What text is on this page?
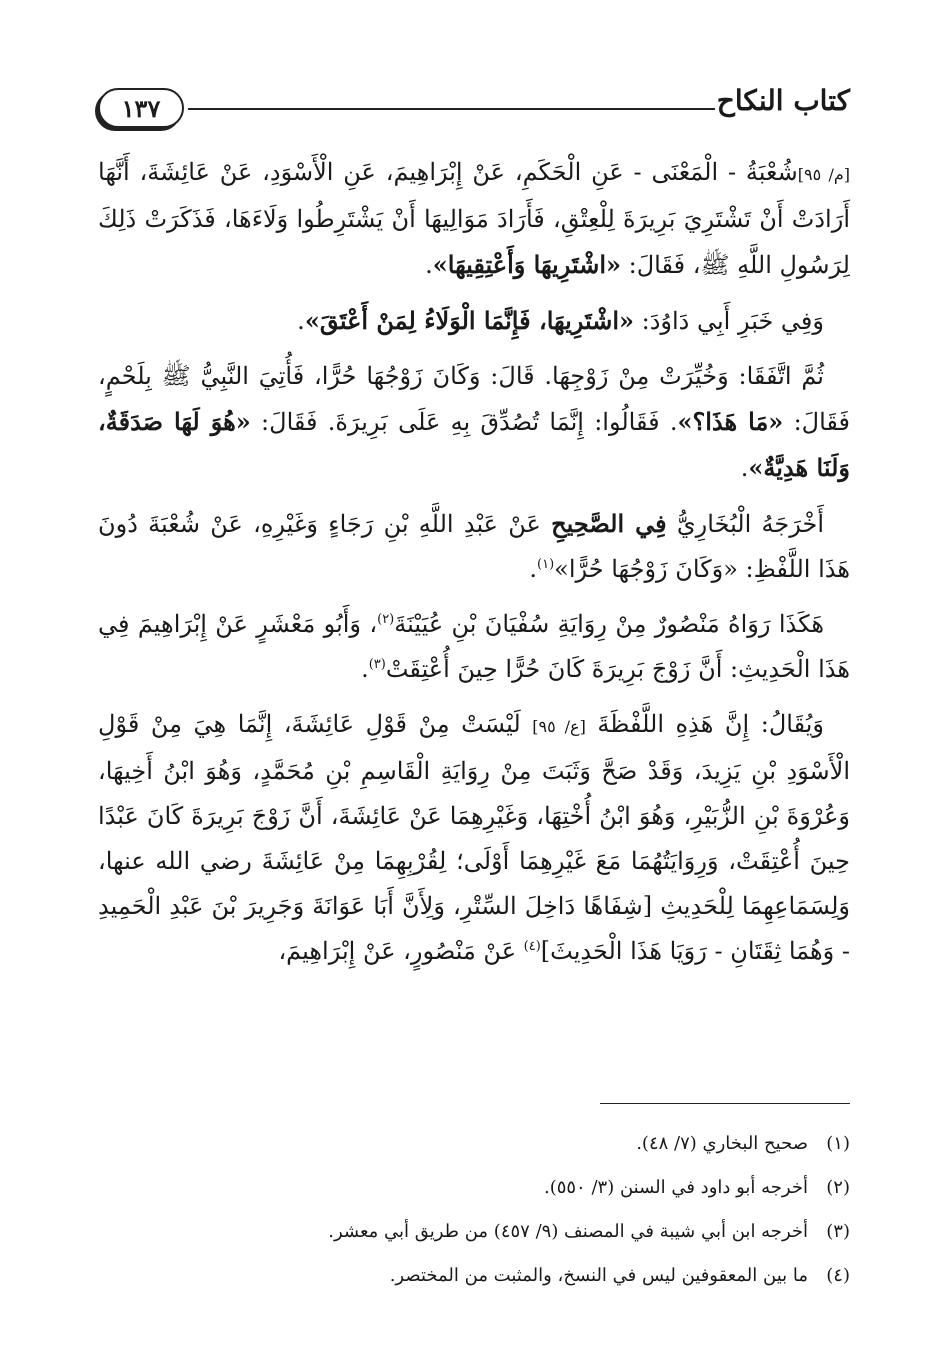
١٣٧	كتاب النكاح

[م/ ٩٥]شُعْبَةُ - الْمَعْنَى - عَنِ الْحَكَمِ، عَنْ إِبْرَاهِيمَ، عَنِ الْأَسْوَدِ، عَنْ عَائِشَةَ، أَنَّهَا أَرَادَتْ أَنْ تَشْتَرِيَ بَرِيرَةَ لِلْعِتْقِ، فَأَرَادَ مَوَالِيهَا أَنْ يَشْتَرِطُوا وَلَاءَهَا، فَذَكَرَتْ ذَلِكَ لِرَسُولِ اللَّهِ ﷺ، فَقَالَ: «اشْتَرِيهَا وَأَعْتِقِيهَا».

وَفِي خَبَرِ أَبِي دَاوُدَ: «اشْتَرِيهَا، فَإِنَّمَا الْوَلَاءُ لِمَنْ أَعْتَقَ».

ثُمَّ اتَّفَقَا: وَخُيِّرَتْ مِنْ زَوْجِهَا. قَالَ: وَكَانَ زَوْجُهَا حُرًّا، فَأُتِيَ النَّبِيُّ ﷺ بِلَحْمٍ، فَقَالَ: «مَا هَذَا؟». فَقَالُوا: إِنَّمَا تُصُدِّقَ بِهِ عَلَى بَرِيرَةَ. فَقَالَ: «هُوَ لَهَا صَدَقَةٌ، وَلَنَا هَدِيَّةٌ».

أَخْرَجَهُ الْبُخَارِيُّ فِي الصَّحِيحِ عَنْ عَبْدِ اللَّهِ بْنِ رَجَاءٍ وَغَيْرِهِ، عَنْ شُعْبَةَ دُونَ هَذَا اللَّفْظِ: «وَكَانَ زَوْجُهَا حُرًّا»$^{(١)}$.

هَكَذَا رَوَاهُ مَنْصُورٌ مِنْ رِوَايَةِ سُفْيَانَ بْنِ عُيَيْنَةَ$^{(٢)}$، وَأَبُو مَعْشَرٍ عَنْ إِبْرَاهِيمَ فِي هَذَا الْحَدِيثِ: أَنَّ زَوْجَ بَرِيرَةَ كَانَ حُرًّا حِينَ أُعْتِقَتْ$^{(٣)}$.

وَيُقَالُ: إِنَّ هَذِهِ اللَّفْظَةَ [ع/ ٩٥] لَيْسَتْ مِنْ قَوْلِ عَائِشَةَ، إِنَّمَا هِيَ مِنْ قَوْلِ الْأَسْوَدِ بْنِ يَزِيدَ، وَقَدْ صَحَّ وَثَبَتَ مِنْ رِوَايَةِ الْقَاسِمِ بْنِ مُحَمَّدٍ، وَهُوَ ابْنُ أَخِيهَا، وَعُرْوَةَ بْنِ الزُّبَيْرِ، وَهُوَ ابْنُ أُخْتِهَا، وَغَيْرِهِمَا عَنْ عَائِشَةَ، أَنَّ زَوْجَ بَرِيرَةَ كَانَ عَبْدًا حِينَ أُعْتِقَتْ، وَرِوَايَتُهُمَا مَعَ غَيْرِهِمَا أَوْلَى؛ لِقُرْبِهِمَا مِنْ عَائِشَةَ رضي الله عنها، وَلِسَمَاعِهِمَا لِلْحَدِيثِ [شِفَاهًا دَاخِلَ السِّتْرِ، وَلِأَنَّ أَبَا عَوَانَةَ وَجَرِيرَ بْنَ عَبْدِ الْحَمِيدِ - وَهُمَا ثِقَتَانِ - رَوَيَا هَذَا الْحَدِيثَ]$^{(٤)}$ عَنْ مَنْصُورٍ، عَنْ إِبْرَاهِيمَ،

(١)صحيح البخاري (٧/ ٤٨).
(٢)أخرجه أبو داود في السنن (٣/ ٥٥٠).
(٣)أخرجه ابن أبي شيبة في المصنف (٩/ ٤٥٧) من طريق أبي معشر.
(٤)ما بين المعقوفين ليس في النسخ، والمثبت من المختصر.
